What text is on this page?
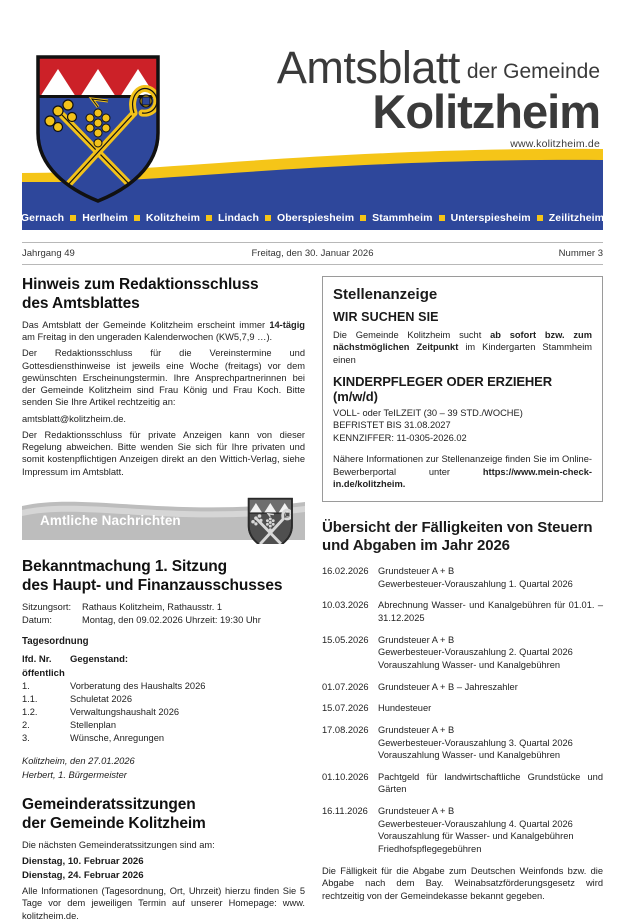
Amtsblatt der Gemeinde
Kolitzheim
www.kolitzheim.de
Gernach Herlheim Kolitzheim Lindach Oberspiesheim Stammheim Unterspiesheim Zeilitzheim
Jahrgang 49	Freitag, den 30. Januar 2026	Nummer 3
Hinweis zum Redaktionsschluss
des Amtsblattes

Das Amtsblatt der Gemeinde Kolitzheim erscheint immer 14-tägig am Freitag in den ungeraden Kalenderwochen (KW5,7,9 …).

Der Redaktionsschluss für die Vereinstermine und Gottesdiensthinweise ist jeweils eine Woche (freitags) vor dem gewünschten Erscheinungstermin. Ihre Ansprechpartnerinnen bei der Gemeinde Kolitzheim sind Frau König und Frau Koch. Bitte senden Sie Ihre Artikel rechtzeitig an:

amtsblatt@kolitzheim.de.

Der Redaktionsschluss für private Anzeigen kann von dieser Regelung abweichen. Bitte wenden Sie sich für Ihre privaten und somit kostenpflichtigen Anzeigen direkt an den Wittich-Verlag, siehe Impressum im Amtsblatt.

Amtliche Nachrichten
Bekanntmachung 1. Sitzung
des Haupt- und Finanzausschusses
Sitzungsort:	Rathaus Kolitzheim, Rathausstr. 1
Datum:	Montag, den 09.02.2026 Uhrzeit: 19:30 Uhr
Tagesordnung
lfd. Nr. Gegenstand:
öffentlich
1.	Vorberatung des Haushalts 2026
1.1.	Schuletat 2026
1.2.	Verwaltungshaushalt 2026
2.	Stellenplan
3.	Wünsche, Anregungen
Kolitzheim, den 27.01.2026
Herbert, 1. Bürgermeister
Gemeinderatssitzungen
der Gemeinde Kolitzheim

Die nächsten Gemeinderatssitzungen sind am:

Dienstag, 10. Februar 2026
Dienstag, 24. Februar 2026

Alle Informationen (Tagesordnung, Ort, Uhrzeit) hierzu finden Sie 5 Tage vor dem jeweiligen Termin auf unserer Homepage: www. kolitzheim.de.

Stellenanzeige
WIR SUCHEN SIE

Die Gemeinde Kolitzheim sucht ab sofort bzw. zum nächstmöglichen Zeitpunkt im Kindergarten Stammheim einen

KINDERPFLEGER ODER ERZIEHER (m/w/d)

VOLL- oder TeILZEIT (30 – 39 STD./WOCHE)

BEFRISTET BIS 31.08.2027

KENNZIFFER: 11-0305-2026.02

Nähere Informationen zur Stellenanzeige finden Sie im Online-Bewerberportal unter https://www.mein-check-in.de/kolitzheim.

Übersicht der Fälligkeiten von Steuern
und Abgaben im Jahr 2026
16.02.2026	Grundsteuer A + B
Gewerbesteuer-Vorauszahlung 1. Quartal 2026
10.03.2026	Abrechnung Wasser- und Kanalgebühren für 01.01. – 31.12.2025
15.05.2026	Grundsteuer A + B
Gewerbesteuer-Vorauszahlung 2. Quartal 2026
Vorauszahlung Wasser- und Kanalgebühren
01.07.2026	Grundsteuer A + B – Jahreszahler
15.07.2026	Hundesteuer
17.08.2026	Grundsteuer A + B
Gewerbesteuer-Vorauszahlung 3. Quartal 2026
Vorauszahlung Wasser- und Kanalgebühren
01.10.2026	Pachtgeld für landwirtschaftliche Grundstücke und Gärten
16.11.2026	Grundsteuer A + B
Gewerbesteuer-Vorauszahlung 4. Quartal 2026
Vorauszahlung für Wasser- und Kanalgebühren
Friedhofspflegegebühren

Die Fälligkeit für die Abgabe zum Deutschen Weinfonds bzw. die Abgabe nach dem Bay. Weinabsatzförderungsgesetz wird rechtzeitig von der Gemeindekasse bekannt gegeben.
